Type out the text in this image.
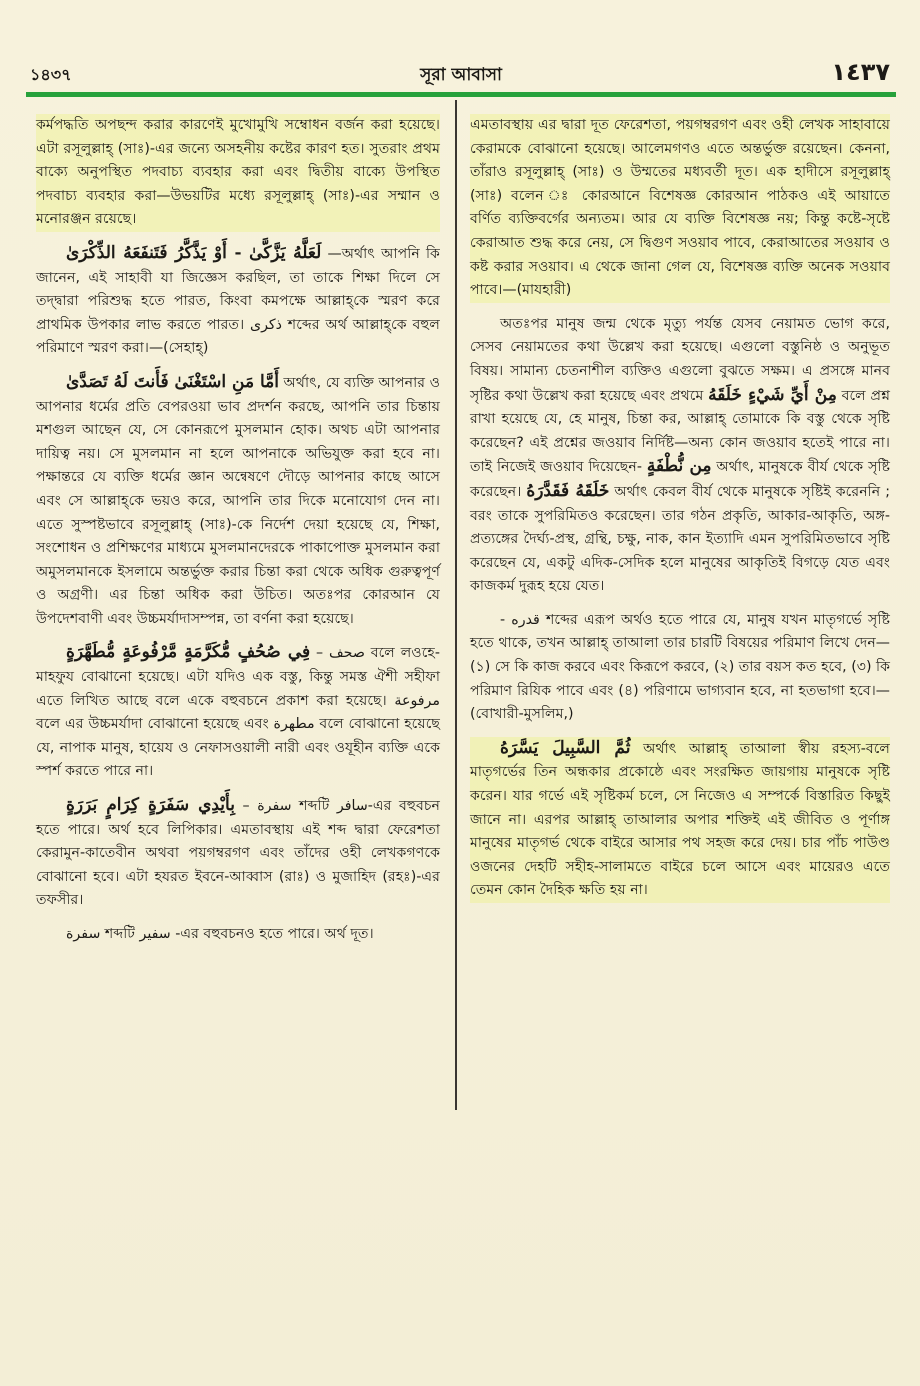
১৪৩৭	সূরা আবাসা	١٤٣٧

কর্মপদ্ধতি অপছন্দ করার কারণেই মুখোমুখি সম্বোধন বর্জন করা হয়েছে। এটা রসূলুল্লাহ্ (সাঃ)-এর জন্যে অসহনীয় কষ্টের কারণ হত। সুতরাং প্রথম বাক্যে অনুপস্থিত পদবাচ্য ব্যবহার করা এবং দ্বিতীয় বাক্যে উপস্থিত পদবাচ্য ব্যবহার করা—উভয়টির মধ্যে রসূলুল্লাহ্ (সাঃ)-এর সম্মান ও মনোরঞ্জন রয়েছে।

لَعَلَّهُ يَزَّكَّىٰ - أَوْ يَذَّكَّرُ فَتَنفَعَهُ الذِّكْرَىٰ —অর্থাৎ আপনি কি জানেন, এই সাহাবী যা জিজ্ঞেস করছিল, তা তাকে শিক্ষা দিলে সে তদ্দ্বারা পরিশুদ্ধ হতে পারত, কিংবা কমপক্ষে আল্লাহ্‌কে স্মরণ করে প্রাথমিক উপকার লাভ করতে পারত। ذكرى শব্দের অর্থ আল্লাহ্‌কে বহুল পরিমাণে স্মরণ করা।—(সেহাহ্)

أَمَّا مَنِ اسْتَغْنَىٰ فَأَنتَ لَهُ تَصَدَّىٰ অর্থাৎ, যে ব্যক্তি আপনার ও আপনার ধর্মের প্রতি বেপরওয়া ভাব প্রদর্শন করছে, আপনি তার চিন্তায় মশগুল আছেন যে, সে কোনরূপে মুসলমান হোক। অথচ এটা আপনার দায়িত্ব নয়। সে মুসলমান না হলে আপনাকে অভিযুক্ত করা হবে না। পক্ষান্তরে যে ব্যক্তি ধর্মের জ্ঞান অন্বেষণে দৌড়ে আপনার কাছে আসে এবং সে আল্লাহ্‌কে ভয়ও করে, আপনি তার দিকে মনোযোগ দেন না। এতে সুস্পষ্টভাবে রসূলুল্লাহ্ (সাঃ)-কে নির্দেশ দেয়া হয়েছে যে, শিক্ষা, সংশোধন ও প্রশিক্ষণের মাধ্যমে মুসলমানদেরকে পাকাপোক্ত মুসলমান করা অমুসলমানকে ইসলামে অন্তর্ভুক্ত করার চিন্তা করা থেকে অধিক গুরুত্বপূর্ণ ও অগ্রণী। এর চিন্তা অধিক করা উচিত। অতঃপর কোরআন যে উপদেশবাণী এবং উচ্চমর্যাদাসম্পন্ন, তা বর্ণনা করা হয়েছে।

فِي صُحُفٍ مُّكَرَّمَةٍ مَّرْفُوعَةٍ مُّطَهَّرَةٍ – صحف বলে লওহে-মাহফুয বোঝানো হয়েছে। এটা যদিও এক বস্তু, কিন্তু সমস্ত ঐশী সহীফা এতে লিখিত আছে বলে একে বহুবচনে প্রকাশ করা হয়েছে। مرفوعة বলে এর উচ্চমর্যাদা বোঝানো হয়েছে এবং مطهرة বলে বোঝানো হয়েছে যে, নাপাক মানুষ, হায়েয ও নেফাসওয়ালী নারী এবং ওযূহীন ব্যক্তি একে স্পর্শ করতে পারে না।

بِأَيْدِي سَفَرَةٍ كِرَامٍ بَرَرَةٍ – سفرة শব্দটি سافر-এর বহুবচন হতে পারে। অর্থ হবে লিপিকার। এমতাবস্থায় এই শব্দ দ্বারা ফেরেশতা কেরামুন-কাতেবীন অথবা পয়গম্বরগণ এবং তাঁদের ওহী লেখকগণকে বোঝানো হবে। এটা হযরত ইবনে-আব্বাস (রাঃ) ও মুজাহিদ (রহঃ)-এর তফসীর।

سفرة শব্দটি سفير -এর বহুবচনও হতে পারে। অর্থ দূত।

এমতাবস্থায় এর দ্বারা দূত ফেরেশতা, পয়গম্বরগণ এবং ওহী লেখক সাহাবায়ে কেরামকে বোঝানো হয়েছে। আলেমগণও এতে অন্তর্ভুক্ত রয়েছেন। কেননা, তাঁরাও রসূলুল্লাহ্ (সাঃ) ও উম্মতের মধ্যবর্তী দূত। এক হাদীসে রসূলুল্লাহ্ (সাঃ) বলেন ঃ কোরআনে বিশেষজ্ঞ কোরআন পাঠকও এই আয়াতে বর্ণিত ব্যক্তিবর্গের অন্যতম। আর যে ব্যক্তি বিশেষজ্ঞ নয়; কিন্তু কষ্টে-সৃষ্টে কেরাআত শুদ্ধ করে নেয়, সে দ্বিগুণ সওয়াব পাবে, কেরাআতের সওয়াব ও কষ্ট করার সওয়াব। এ থেকে জানা গেল যে, বিশেষজ্ঞ ব্যক্তি অনেক সওয়াব পাবে।—(মাযহারী)

অতঃপর মানুষ জন্ম থেকে মৃত্যু পর্যন্ত যেসব নেয়ামত ভোগ করে, সেসব নেয়ামতের কথা উল্লেখ করা হয়েছে। এগুলো বস্তুনিষ্ঠ ও অনুভূত বিষয়। সামান্য চেতনাশীল ব্যক্তিও এগুলো বুঝতে সক্ষম। এ প্রসঙ্গে মানব সৃষ্টির কথা উল্লেখ করা হয়েছে এবং প্রথমে مِنْ أَيِّ شَيْءٍ خَلَقَهُ বলে প্রশ্ন রাখা হয়েছে যে, হে মানুষ, চিন্তা কর, আল্লাহ্ তোমাকে কি বস্তু থেকে সৃষ্টি করেছেন? এই প্রশ্নের জওয়াব নির্দিষ্ট—অন্য কোন জওয়াব হতেই পারে না। তাই নিজেই জওয়াব দিয়েছেন- مِن نُّطْفَةٍ অর্থাৎ, মানুষকে বীর্য থেকে সৃষ্টি করেছেন। خَلَقَهُ فَقَدَّرَهُ অর্থাৎ কেবল বীর্য থেকে মানুষকে সৃষ্টিই করেননি ; বরং তাকে সুপরিমিতও করেছেন। তার গঠন প্রকৃতি, আকার-আকৃতি, অঙ্গ-প্রত্যঙ্গের দৈর্ঘ্য-প্রস্থ, গ্রন্থি, চক্ষু, নাক, কান ইত্যাদি এমন সুপরিমিতভাবে সৃষ্টি করেছেন যে, একটু এদিক-সেদিক হলে মানুষের আকৃতিই বিগড়ে যেত এবং কাজকর্ম দুরূহ হয়ে যেত।

- قدره শব্দের এরূপ অর্থও হতে পারে যে, মানুষ যখন মাতৃগর্ভে সৃষ্টি হতে থাকে, তখন আল্লাহ্ তাআলা তার চারটি বিষয়ের পরিমাণ লিখে দেন—(১) সে কি কাজ করবে এবং কিরূপে করবে, (২) তার বয়স কত হবে, (৩) কি পরিমাণ রিযিক পাবে এবং (৪) পরিণামে ভাগ্যবান হবে, না হতভাগা হবে।—(বোখারী-মুসলিম,)

ثُمَّ السَّبِيلَ يَسَّرَهُ অর্থাৎ আল্লাহ্ তাআলা স্বীয় রহস্য-বলে মাতৃগর্ভের তিন অন্ধকার প্রকোষ্ঠে এবং সংরক্ষিত জায়গায় মানুষকে সৃষ্টি করেন। যার গর্ভে এই সৃষ্টিকর্ম চলে, সে নিজেও এ সম্পর্কে বিস্তারিত কিছুই জানে না। এরপর আল্লাহ্ তাআলার অপার শক্তিই এই জীবিত ও পূর্ণাঙ্গ মানুষের মাতৃগর্ভ থেকে বাইরে আসার পথ সহজ করে দেয়। চার পাঁচ পাউণ্ড ওজনের দেহটি সহীহ-সালামতে বাইরে চলে আসে এবং মায়েরও এতে তেমন কোন দৈহিক ক্ষতি হয় না।
